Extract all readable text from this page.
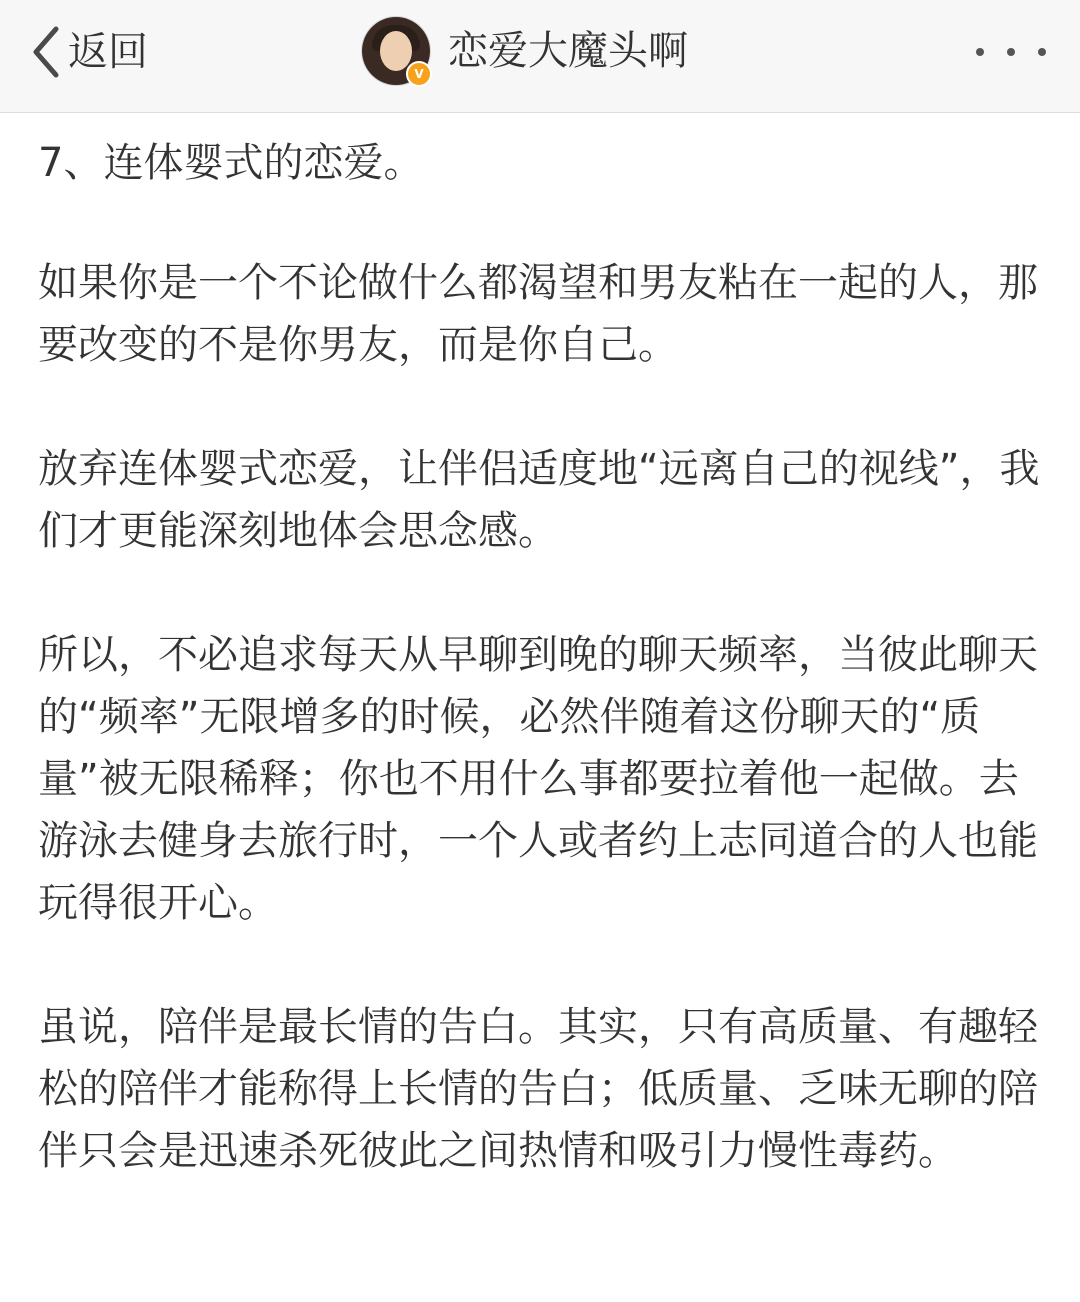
返回	V 恋爱大魔头啊

7、连体婴式的恋爱。

如果你是一个不论做什么都渴望和男友粘在一起的人，那要改变的不是你男友，而是你自己。

放弃连体婴式恋爱，让伴侣适度地“远离自己的视线”，我们才更能深刻地体会思念感。

所以，不必追求每天从早聊到晚的聊天频率，当彼此聊天的“频率”无限增多的时候，必然伴随着这份聊天的“质量”被无限稀释；你也不用什么事都要拉着他一起做。去游泳去健身去旅行时，一个人或者约上志同道合的人也能玩得很开心。

虽说，陪伴是最长情的告白。其实，只有高质量、有趣轻松的陪伴才能称得上长情的告白；低质量、乏味无聊的陪伴只会是迅速杀死彼此之间热情和吸引力慢性毒药。
